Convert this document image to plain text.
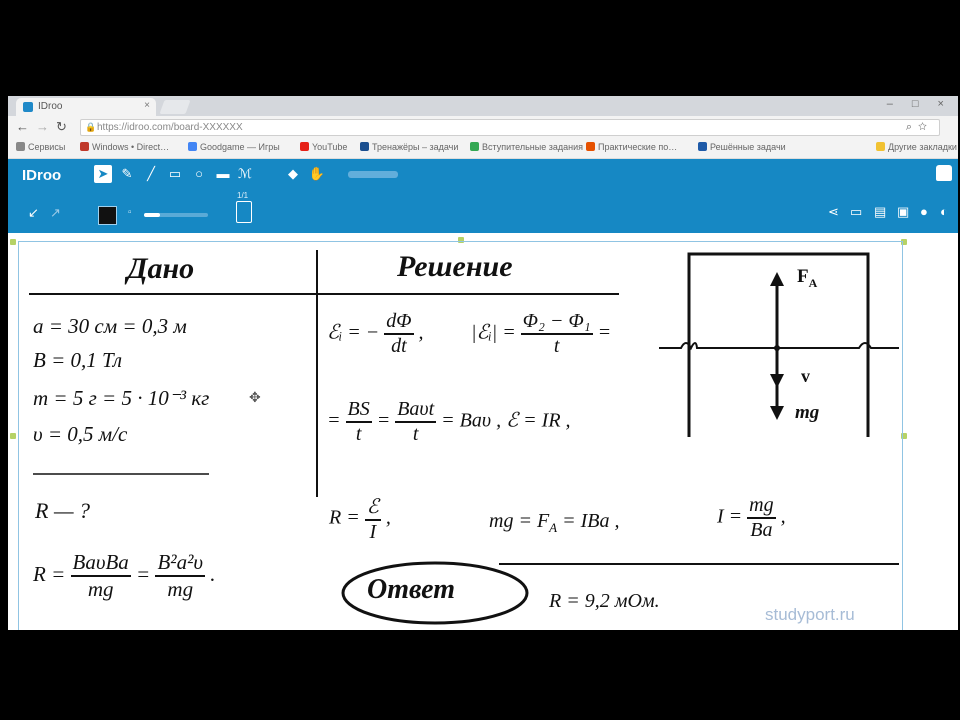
IDroo	×	– □ ×
← → ↻ 🔒 https://idroo.com/board-XXXXXX	⌕☆
Сервисы	Windows • Direct…	Goodgame — Игры	YouTube	Тренажёры – задачи	Вступительные задания	Практические по…	Решённые задачи	Другие закладки
IDroo	➤ ✎	╱	▭	○	▬ ℳ	◆ ✋
↙ ↗	▫
1/1
⋖ ▭ ▤ ▣ ● ◐
Дано	Решение
a = 30 см = 0,3 м
B = 0,1 Тл
m = 5 г = 5 · 10⁻³ кг
υ = 0,5 м/с
R — ?
$R = \frac{\text{BaυBa}}{mg} = \frac{\text{B²a²υ}}{mg}$ .
ℰᵢ = − $\frac{d\Phi}{dt}$ , |ℰᵢ| = $\frac{\text{Φ₂ − Φ₁}}{t}$ =
= $\frac{BS}{t} = \frac{\text{Baυt}}{t} = Ba\upsilon$ , ℰ = IR ,
$R = \frac{\text{ℰ}}{I}$ ,	mg = $F_A$ = IBa ,	$I = \frac{mg}{Ba}$ ,
Ответ	R = 9,2 мОм.
$F_A$
v
mg
✥
studyport.ru
